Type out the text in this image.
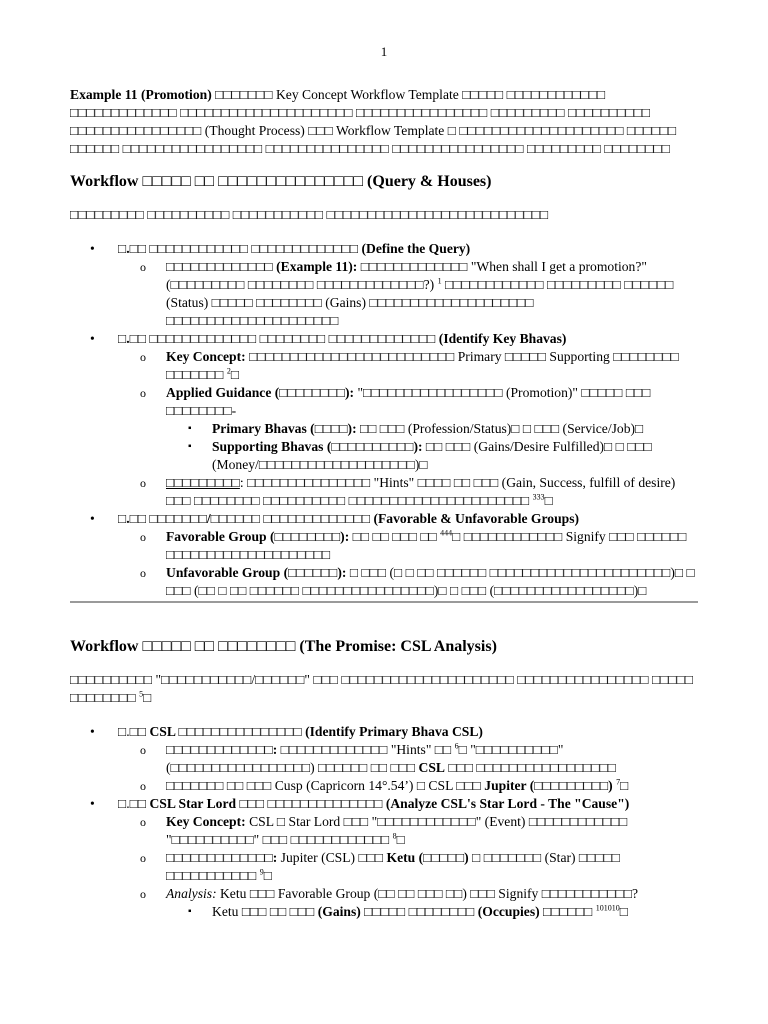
1

Example 11 (Promotion) □□□□□□□ Key Concept Workflow Template □□□□□ □□□□□□□□□□□□ □□□□□□□□□□□□□ □□□□□□□□□□□□□□□□□□□□□ □□□□□□□□□□□□□□□□ □□□□□□□□□ □□□□□□□□□□ □□□□□□□□□□□□□□□□ (Thought Process) □□□ Workflow Template □ □□□□□□□□□□□□□□□□□□□□ □□□□□□ □□□□□□ □□□□□□□□□□□□□□□□□ □□□□□□□□□□□□□□□ □□□□□□□□□□□□□□□□ □□□□□□□□□ □□□□□□□□

Workflow □□□□□ □□ □□□□□□□□□□□□□□□ (Query & Houses)

□□□□□□□□□ □□□□□□□□□□ □□□□□□□□□□□ □□□□□□□□□□□□□□□□□□□□□□□□□□□

• □.□□ □□□□□□□□□□□□ □□□□□□□□□□□□□ (Define the Query)
o □□□□□□□□□□□□□ (Example 11): □□□□□□□□□□□□□ "When shall I get a promotion?" (□□□□□□□□□ □□□□□□□□ □□□□□□□□□□□□□?) $^1$ □□□□□□□□□□□□ □□□□□□□□□ □□□□□□ (Status) □□□□□ □□□□□□□□ (Gains) □□□□□□□□□□□□□□□□□□□□ □□□□□□□□□□□□□□□□□□□□□
• □.□□ □□□□□□□□□□□□□ □□□□□□□□ □□□□□□□□□□□□□ (Identify Key Bhavas)
o Key Concept: □□□□□□□□□□□□□□□□□□□□□□□□□ Primary □□□□□ Supporting □□□□□□□□ □□□□□□□ $^2$□
o Applied Guidance (□□□□□□□□): "□□□□□□□□□□□□□□□□□ (Promotion)" □□□□□ □□□ □□□□□□□□-
▪ Primary Bhavas (□□□□): □□ □□□ (Profession/Status)□ □ □□□ (Service/Job)□
▪ Supporting Bhavas (□□□□□□□□□□): □□ □□□ (Gains/Desire Fulfilled)□ □ □□□ (Money/□□□□□□□□□□□□□□□□□□□)□
o □□□□□□□□□: □□□□□□□□□□□□□□□ "Hints" □□□□ □□ □□□ (Gain, Success, fulfill of desire) □□□ □□□□□□□□ □□□□□□□□□□ □□□□□□□□□□□□□□□□□□□□□□ $^{333}$□
• □.□□ □□□□□□□/□□□□□□ □□□□□□□□□□□□□ (Favorable & Unfavorable Groups)
o Favorable Group (□□□□□□□□): □□ □□ □□□ □□ $^{444}$□ □□□□□□□□□□□□ Signify □□□ □□□□□□ □□□□□□□□□□□□□□□□□□□□
o Unfavorable Group (□□□□□□): □ □□□ (□ □ □□ □□□□□□ □□□□□□□□□□□□□□□□□□□□□□)□ □ □□□ (□□ □ □□ □□□□□□ □□□□□□□□□□□□□□□□)□ □ □□□ (□□□□□□□□□□□□□□□□□)□
Workflow □□□□□ □□ □□□□□□□□ (The Promise: CSL Analysis)

□□□□□□□□□□ "□□□□□□□□□□□/□□□□□□" □□□ □□□□□□□□□□□□□□□□□□□□□ □□□□□□□□□□□□□□□□ □□□□□ □□□□□□□□ $^5$□

• □.□□ CSL □□□□□□□□□□□□□□□ (Identify Primary Bhava CSL)
o □□□□□□□□□□□□□: □□□□□□□□□□□□□ "Hints" □□ $^6$□ "□□□□□□□□□□" (□□□□□□□□□□□□□□□□□) □□□□□□ □□ □□□ CSL □□□ □□□□□□□□□□□□□□□□□
o □□□□□□□ □□ □□□ Cusp (Capricorn 14°.54’) □ CSL □□□ Jupiter (□□□□□□□□□) $^7$□
• □.□□ CSL Star Lord □□□ □□□□□□□□□□□□□□ (Analyze CSL's Star Lord - The "Cause")
o Key Concept: CSL □ Star Lord □□□ "□□□□□□□□□□□□" (Event) □□□□□□□□□□□□ "□□□□□□□□□□" □□□ □□□□□□□□□□□□ $^8$□
o □□□□□□□□□□□□□: Jupiter (CSL) □□□ Ketu (□□□□□) □ □□□□□□□ (Star) □□□□□ □□□□□□□□□□□ $^9$□
o Analysis: Ketu □□□ Favorable Group (□□ □□ □□□ □□) □□□ Signify □□□□□□□□□□□?
▪ Ketu □□□ □□ □□□ (Gains) □□□□□ □□□□□□□□ (Occupies) □□□□□□ $^{101010}$□
